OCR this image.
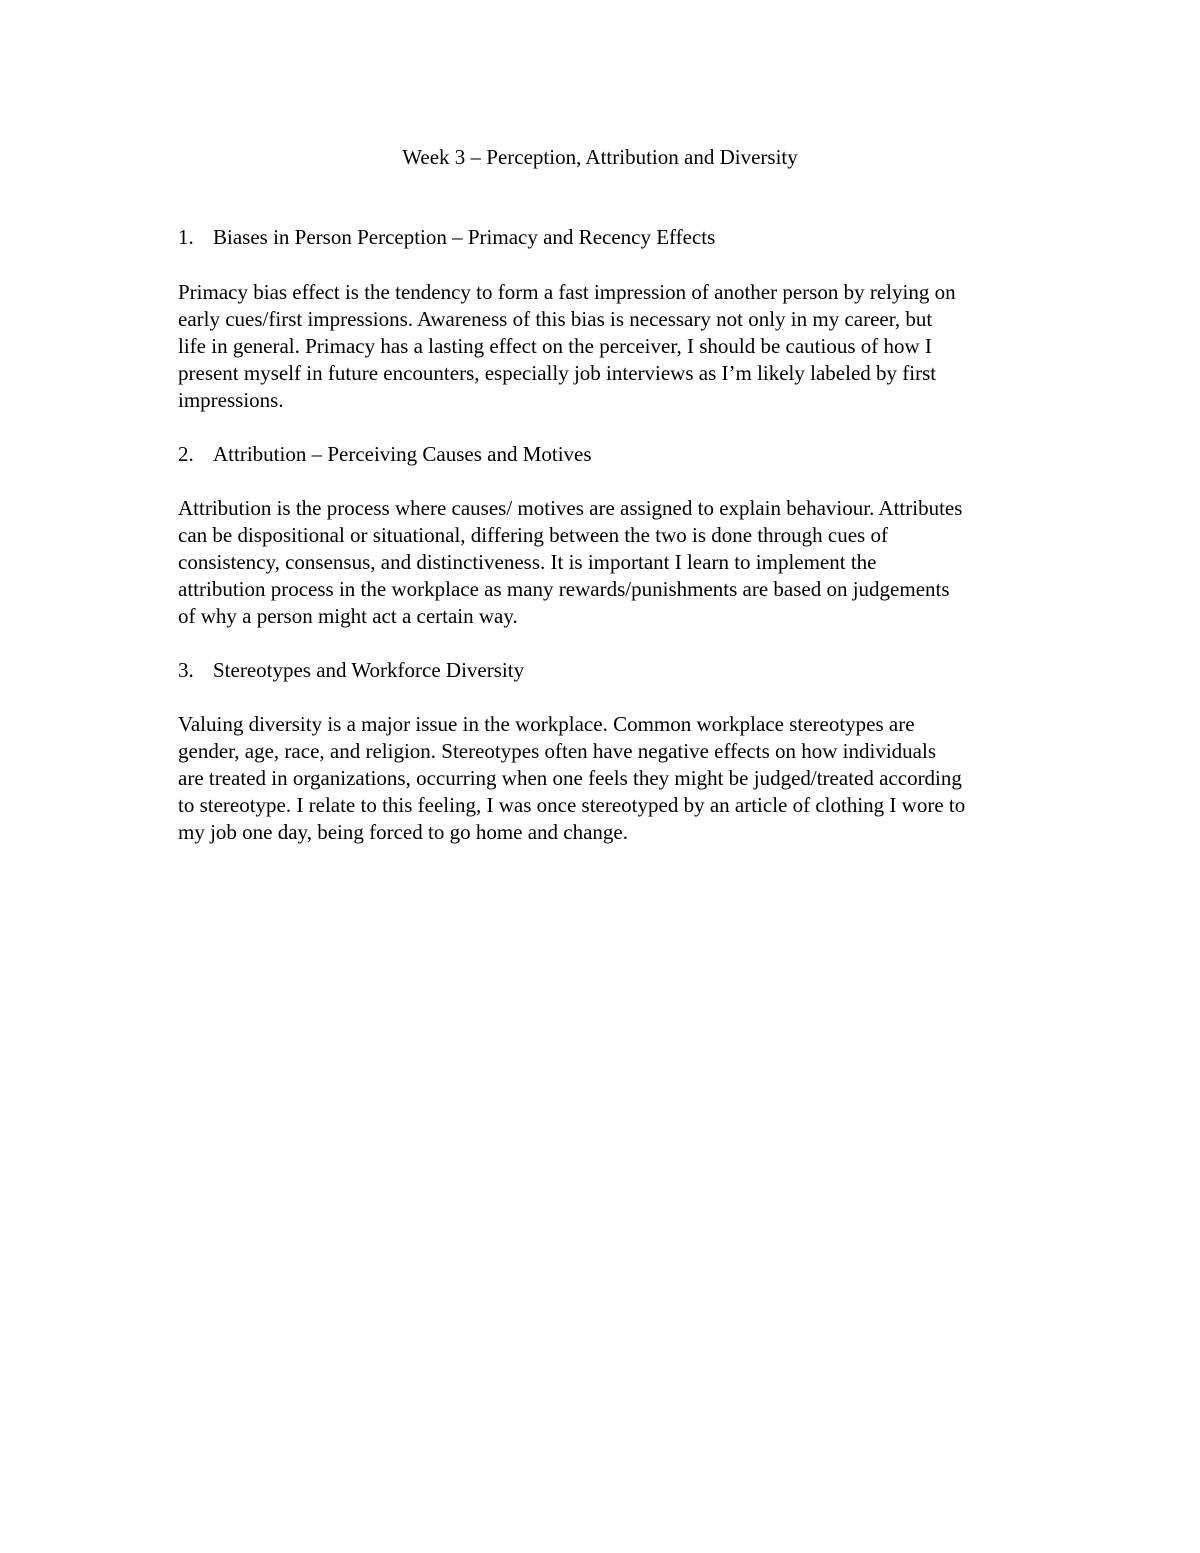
Week 3 – Perception, Attribution and Diversity
1. Biases in Person Perception – Primacy and Recency Effects
Primacy bias effect is the tendency to form a fast impression of another person by relying on
early cues/first impressions. Awareness of this bias is necessary not only in my career, but
life in general. Primacy has a lasting effect on the perceiver, I should be cautious of how I
present myself in future encounters, especially job interviews as I’m likely labeled by first
impressions.
2. Attribution – Perceiving Causes and Motives
Attribution is the process where causes/ motives are assigned to explain behaviour. Attributes
can be dispositional or situational, differing between the two is done through cues of
consistency, consensus, and distinctiveness. It is important I learn to implement the
attribution process in the workplace as many rewards/punishments are based on judgements
of why a person might act a certain way.
3. Stereotypes and Workforce Diversity
Valuing diversity is a major issue in the workplace. Common workplace stereotypes are
gender, age, race, and religion. Stereotypes often have negative effects on how individuals
are treated in organizations, occurring when one feels they might be judged/treated according
to stereotype. I relate to this feeling, I was once stereotyped by an article of clothing I wore to
my job one day, being forced to go home and change.
